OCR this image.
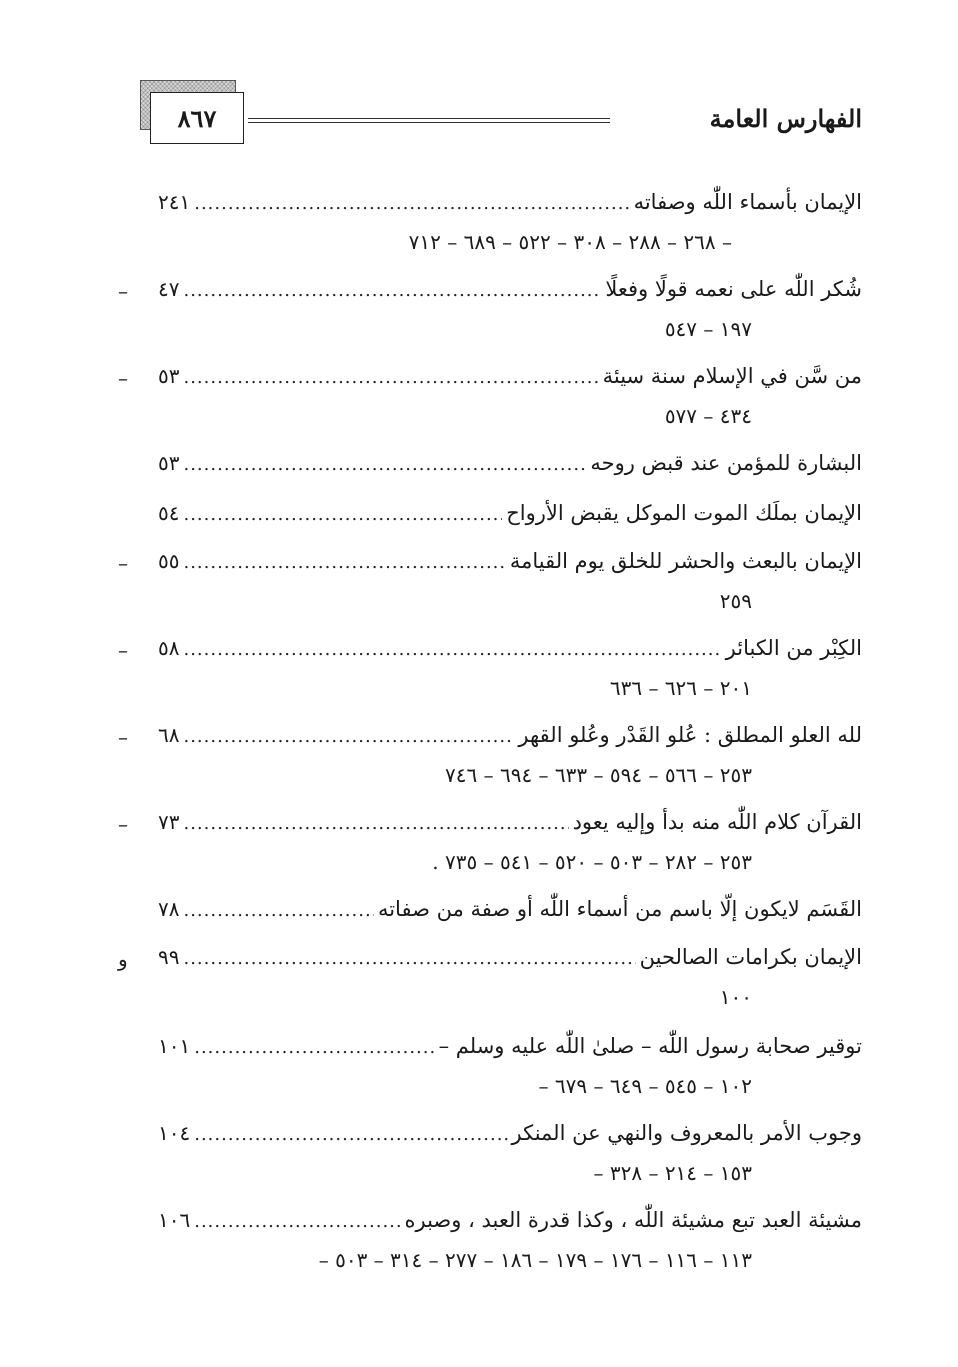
الفهارس العامة
٨٦٧
الإيمان بأسماء اللّٰه وصفاته
.....
٢٤١
– ٢٦٨ – ٢٨٨ – ٣٠٨ – ٥٢٢ – ٦٨٩ – ٧١٢
شُكر اللّٰه على نعمه قولًا وفعلًا
.....
٤٧
–
١٩٧ – ٥٤٧
من سَّن في الإسلام سنة سيئة
.....
٥٣
–
٤٣٤ – ٥٧٧
البشارة للمؤمن عند قبض روحه
.....
٥٣
الإيمان بملَك الموت الموكل يقبض الأرواح
.....
٥٤
الإيمان بالبعث والحشر للخلق يوم القيامة
.....
٥٥
–
٢٥٩
الكِبْر من الكبائر
.....
٥٨
–
٢٠١ – ٦٢٦ – ٦٣٦
لله العلو المطلق : عُلو القَدْر وعُلو القهر
.....
٦٨
–
٢٥٣ – ٥٦٦ – ٥٩٤ – ٦٣٣ – ٦٩٤ – ٧٤٦
القرآن كلام اللّٰه منه بدأ وإليه يعود
.....
٧٣
–
٢٥٣ – ٢٨٢ – ٥٠٣ – ٥٢٠ – ٥٤١ – ٧٣٥ .
القَسَم لايكون إلّا باسم من أسماء اللّٰه أو صفة من صفاته
.....
٧٨
الإيمان بكرامات الصالحين
.....
٩٩
و
١٠٠
توقير صحابة رسول اللّٰه – صلىٰ اللّٰه عليه وسلم –
.....
١٠١
١٠٢ – ٥٤٥ – ٦٤٩ – ٦٧٩ –
وجوب الأمر بالمعروف والنهي عن المنكر
.....
١٠٤
١٥٣ – ٢١٤ – ٣٢٨ –
مشيئة العبد تبع مشيئة اللّٰه ، وكذا قدرة العبد ، وصبره
.....
١٠٦
١١٣ – ١١٦ – ١٧٦ – ١٧٩ – ١٨٦ – ٢٧٧ – ٣١٤ – ٥٠٣ –
